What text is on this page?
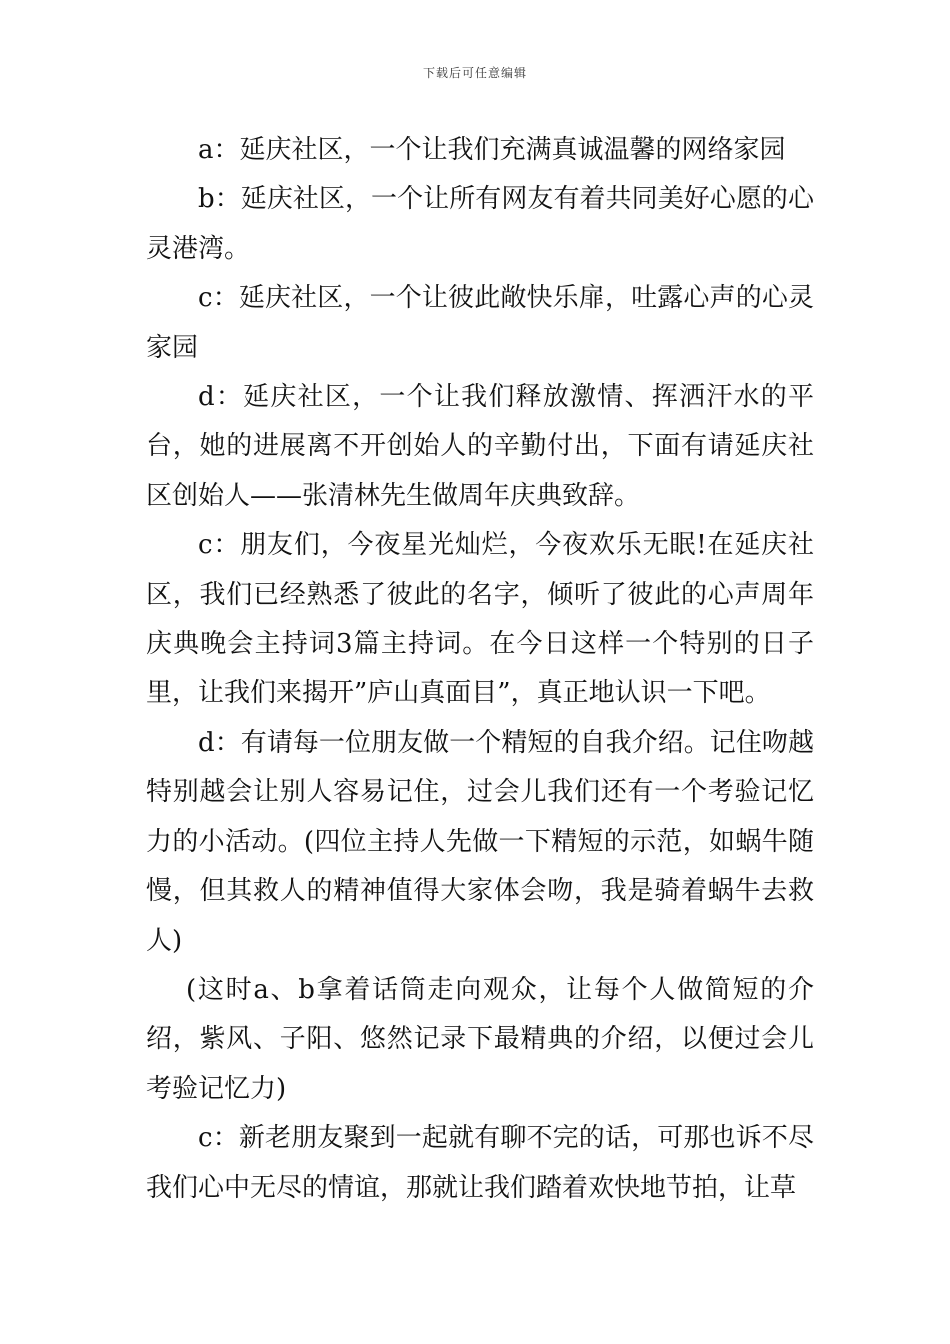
下载后可任意编辑

a：延庆社区，一个让我们充满真诚温馨的网络家园

b：延庆社区，一个让所有网友有着共同美好心愿的心灵港湾。

c：延庆社区，一个让彼此敞快乐扉，吐露心声的心灵家园

d：延庆社区，一个让我们释放激情、挥洒汗水的平台，她的进展离不开创始人的辛勤付出，下面有请延庆社区创始人——张清林先生做周年庆典致辞。

c：朋友们，今夜星光灿烂，今夜欢乐无眠!在延庆社区，我们已经熟悉了彼此的名字，倾听了彼此的心声周年庆典晚会主持词3篇主持词。在今日这样一个特别的日子里，让我们来揭开”庐山真面目”，真正地认识一下吧。

d：有请每一位朋友做一个精短的自我介绍。记住吻越特别越会让别人容易记住，过会儿我们还有一个考验记忆力的小活动。(四位主持人先做一下精短的示范，如蜗牛随慢，但其救人的精神值得大家体会吻，我是骑着蜗牛去救人)

(这时a、b拿着话筒走向观众，让每个人做简短的介绍，紫风、子阳、悠然记录下最精典的介绍，以便过会儿考验记忆力)

c：新老朋友聚到一起就有聊不完的话，可那也诉不尽我们心中无尽的情谊，那就让我们踏着欢快地节拍，让草
